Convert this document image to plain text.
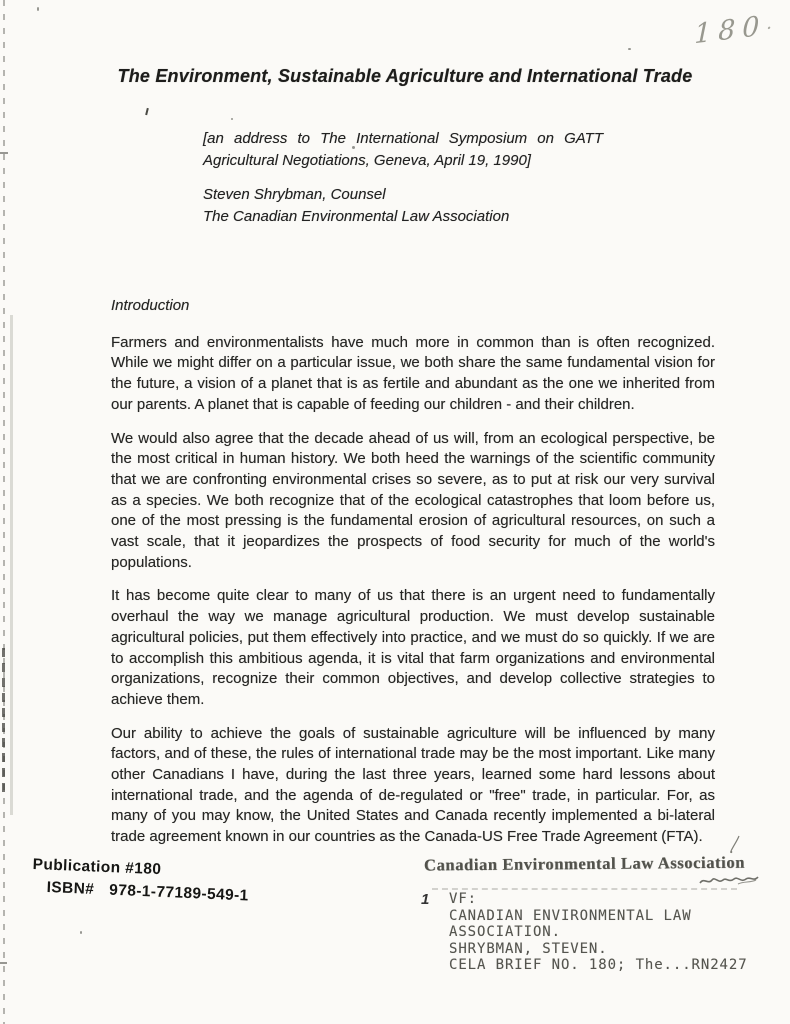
180 ·
The Environment, Sustainable Agriculture and International Trade
[an address to The International Symposium on GATT Agricultural Negotiations, Geneva, April 19, 1990]
Steven Shrybman, Counsel
The Canadian Environmental Law Association
Introduction

Farmers and environmentalists have much more in common than is often recognized. While we might differ on a particular issue, we both share the same fundamental vision for the future, a vision of a planet that is as fertile and abundant as the one we inherited from our parents. A planet that is capable of feeding our children - and their children.

We would also agree that the decade ahead of us will, from an ecological perspective, be the most critical in human history. We both heed the warnings of the scientific community that we are confronting environmental crises so severe, as to put at risk our very survival as a species. We both recognize that of the ecological catastrophes that loom before us, one of the most pressing is the fundamental erosion of agricultural resources, on such a vast scale, that it jeopardizes the prospects of food security for much of the world's populations.

It has become quite clear to many of us that there is an urgent need to fundamentally overhaul the way we manage agricultural production. We must develop sustainable agricultural policies, put them effectively into practice, and we must do so quickly. If we are to accomplish this ambitious agenda, it is vital that farm organizations and environmental organizations, recognize their common objectives, and develop collective strategies to achieve them.

Our ability to achieve the goals of sustainable agriculture will be influenced by many factors, and of these, the rules of international trade may be the most important. Like many other Canadians I have, during the last three years, learned some hard lessons about international trade, and the agenda of de-regulated or "free" trade, in particular. For, as many of you may know, the United States and Canada recently implemented a bi-lateral trade agreement known in our countries as the Canada-US Free Trade Agreement (FTA).

Publication #180
ISBN# 978-1-77189-549-1	1
Canadian Environmental Law Association
VF:
CANADIAN ENVIRONMENTAL LAW
ASSOCIATION.
SHRYBMAN, STEVEN.
CELA BRIEF NO. 180; The...RN2427
